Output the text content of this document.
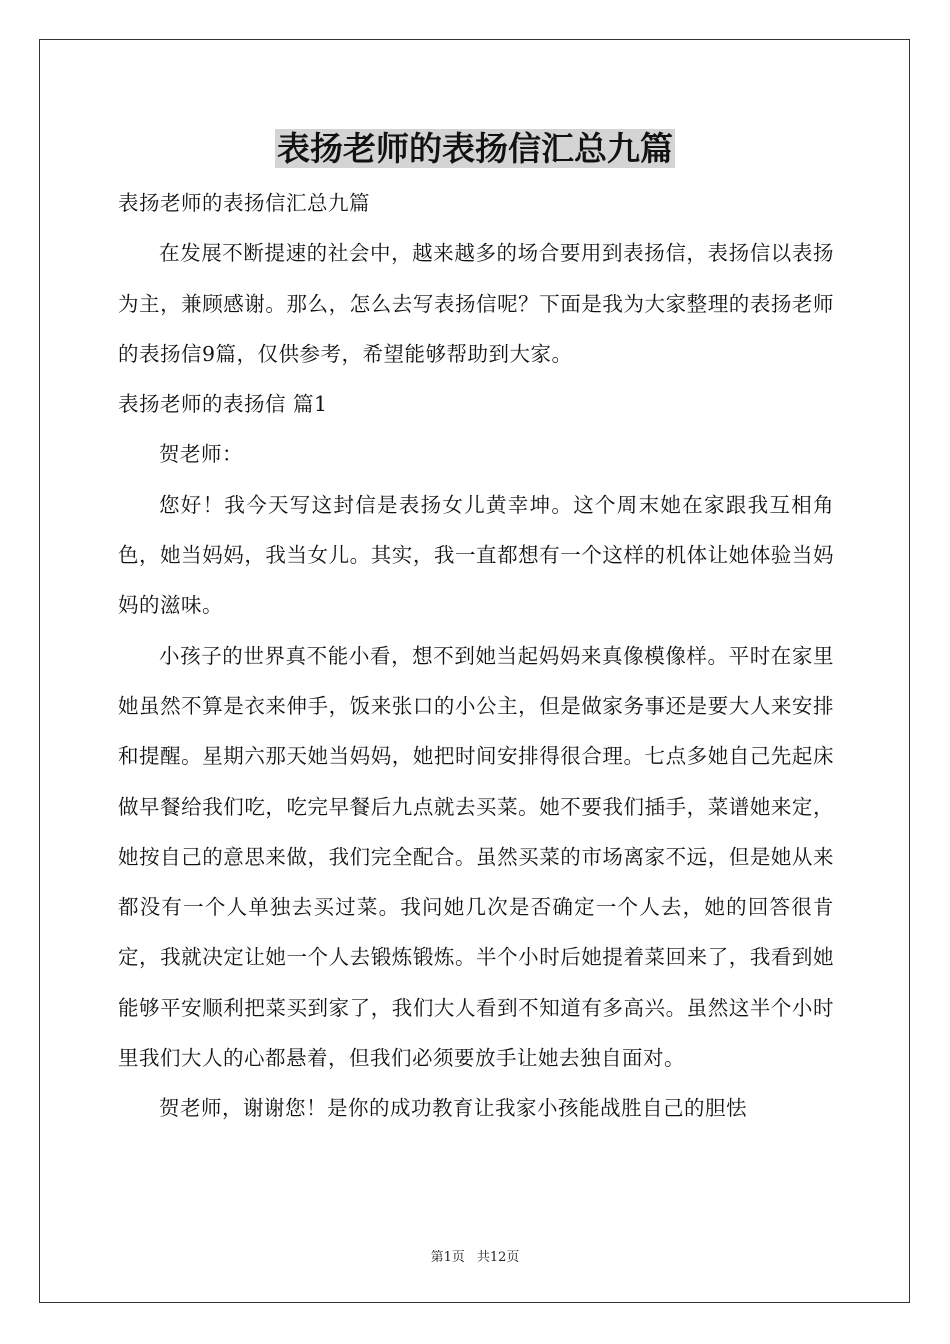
表扬老师的表扬信汇总九篇

表扬老师的表扬信汇总九篇

在发展不断提速的社会中，越来越多的场合要用到表扬信，表扬信以表扬为主，兼顾感谢。那么，怎么去写表扬信呢？下面是我为大家整理的表扬老师的表扬信9篇，仅供参考，希望能够帮助到大家。

表扬老师的表扬信 篇1

贺老师：

您好！我今天写这封信是表扬女儿黄幸坤。这个周末她在家跟我互相角色，她当妈妈，我当女儿。其实，我一直都想有一个这样的机体让她体验当妈妈的滋味。

小孩子的世界真不能小看，想不到她当起妈妈来真像模像样。平时在家里她虽然不算是衣来伸手，饭来张口的小公主，但是做家务事还是要大人来安排和提醒。星期六那天她当妈妈，她把时间安排得很合理。七点多她自己先起床做早餐给我们吃，吃完早餐后九点就去买菜。她不要我们插手，菜谱她来定，她按自己的意思来做，我们完全配合。虽然买菜的市场离家不远，但是她从来都没有一个人单独去买过菜。我问她几次是否确定一个人去，她的回答很肯定，我就决定让她一个人去锻炼锻炼。半个小时后她提着菜回来了，我看到她能够平安顺利把菜买到家了，我们大人看到不知道有多高兴。虽然这半个小时里我们大人的心都悬着，但我们必须要放手让她去独自面对。

贺老师，谢谢您！是你的成功教育让我家小孩能战胜自己的胆怯

第1页 共12页
